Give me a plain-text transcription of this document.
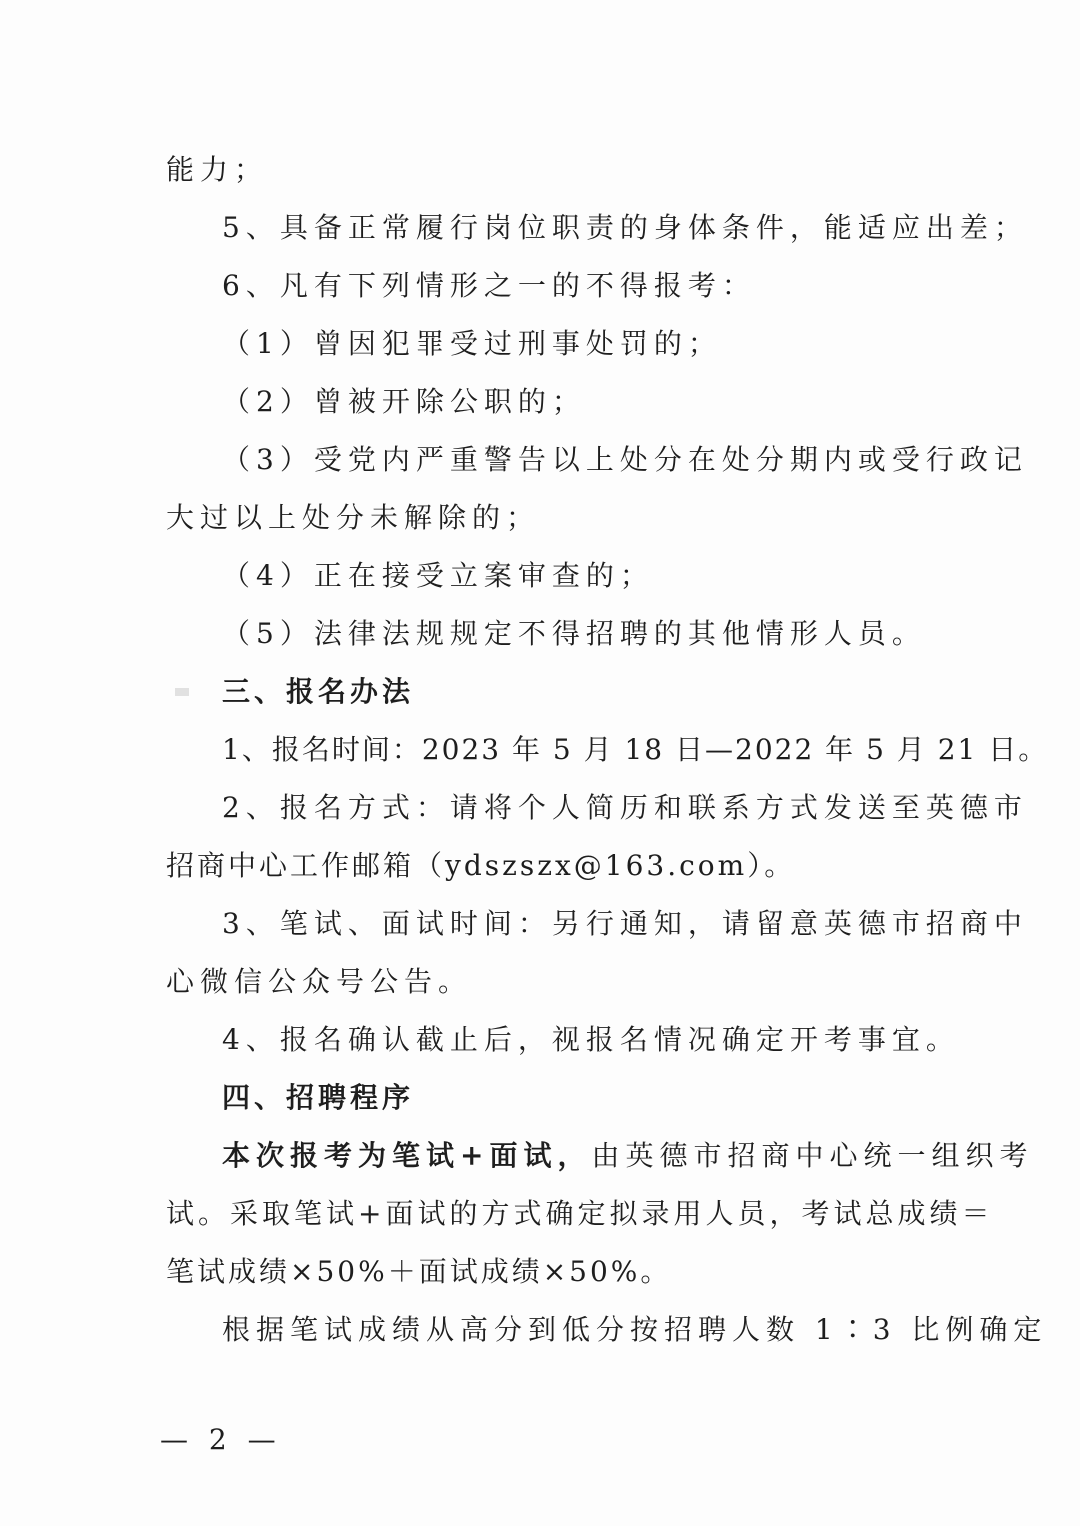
能力；
5、具备正常履行岗位职责的身体条件，能适应出差；
6、凡有下列情形之一的不得报考：
（1）曾因犯罪受过刑事处罚的；
（2）曾被开除公职的；
（3）受党内严重警告以上处分在处分期内或受行政记
大过以上处分未解除的；
（4）正在接受立案审查的；
（5）法律法规规定不得招聘的其他情形人员。
三、报名办法
1、报名时间：2023 年 5 月 18 日—2022 年 5 月 21 日。
2、报名方式：请将个人简历和联系方式发送至英德市
招商中心工作邮箱（ydszszx@163.com）。
3、笔试、面试时间：另行通知，请留意英德市招商中
心微信公众号公告。
4、报名确认截止后，视报名情况确定开考事宜。
四、招聘程序
本次报考为笔试+面试，由英德市招商中心统一组织考
试。采取笔试+面试的方式确定拟录用人员，考试总成绩＝
笔试成绩×50%＋面试成绩×50%。
根据笔试成绩从高分到低分按招聘人数 1∶3 比例确定
— 2 —
